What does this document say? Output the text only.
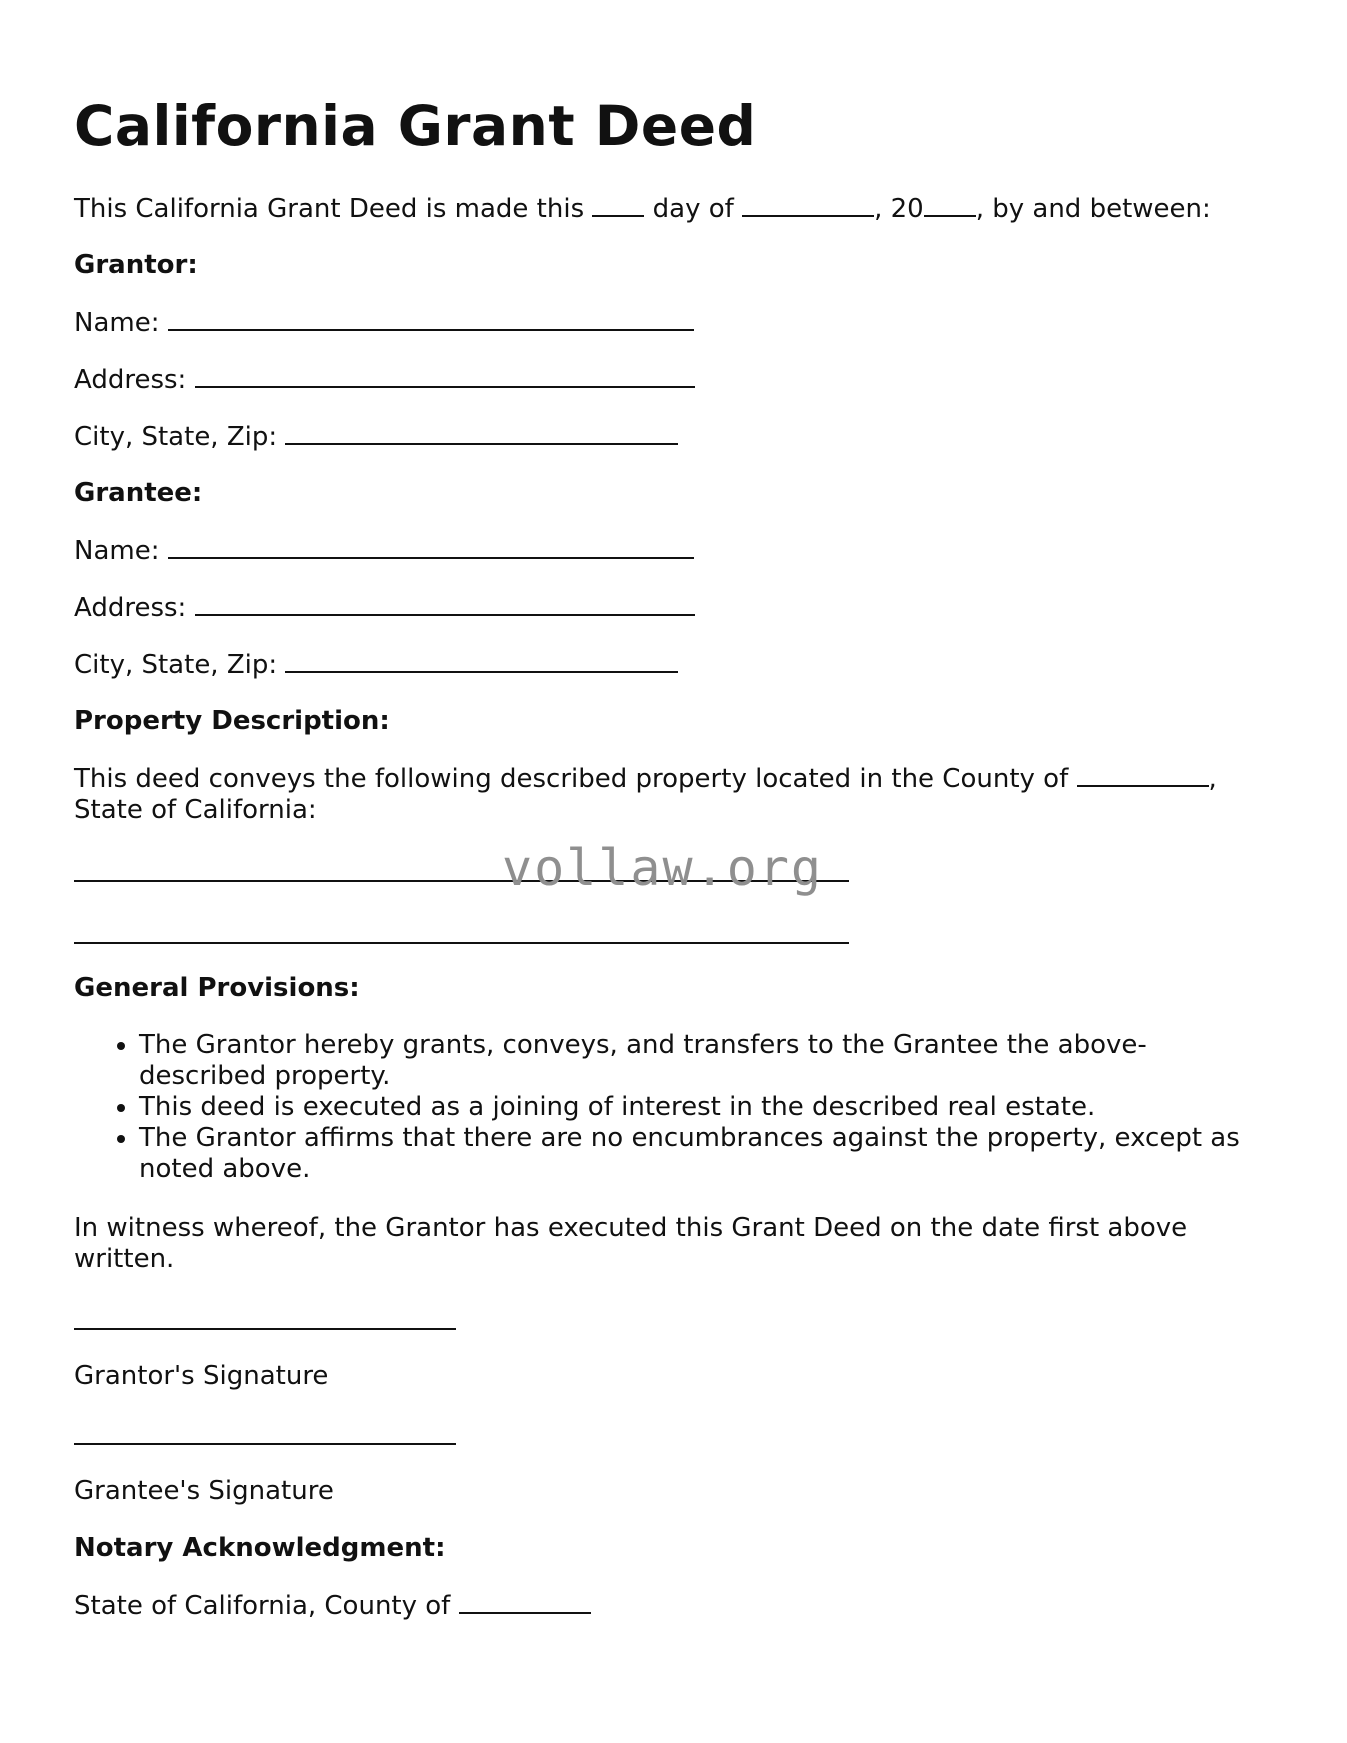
California Grant Deed

This California Grant Deed is made this	day of	, 20 , by and between:

Grantor:

Name:

Address:

City, State, Zip:

Grantee:

Name:

Address:

City, State, Zip:

Property Description:

This deed conveys the following described property located in the County of	, State of California:

General Provisions:

• The Grantor hereby grants, conveys, and transfers to the Grantee the above-described property.
• This deed is executed as a joining of interest in the described real estate.
• The Grantor affirms that there are no encumbrances against the property, except as noted above.

In witness whereof, the Grantor has executed this Grant Deed on the date first above written.

Grantor's Signature

Grantee's Signature

Notary Acknowledgment:

State of California, County of

vollaw.org
